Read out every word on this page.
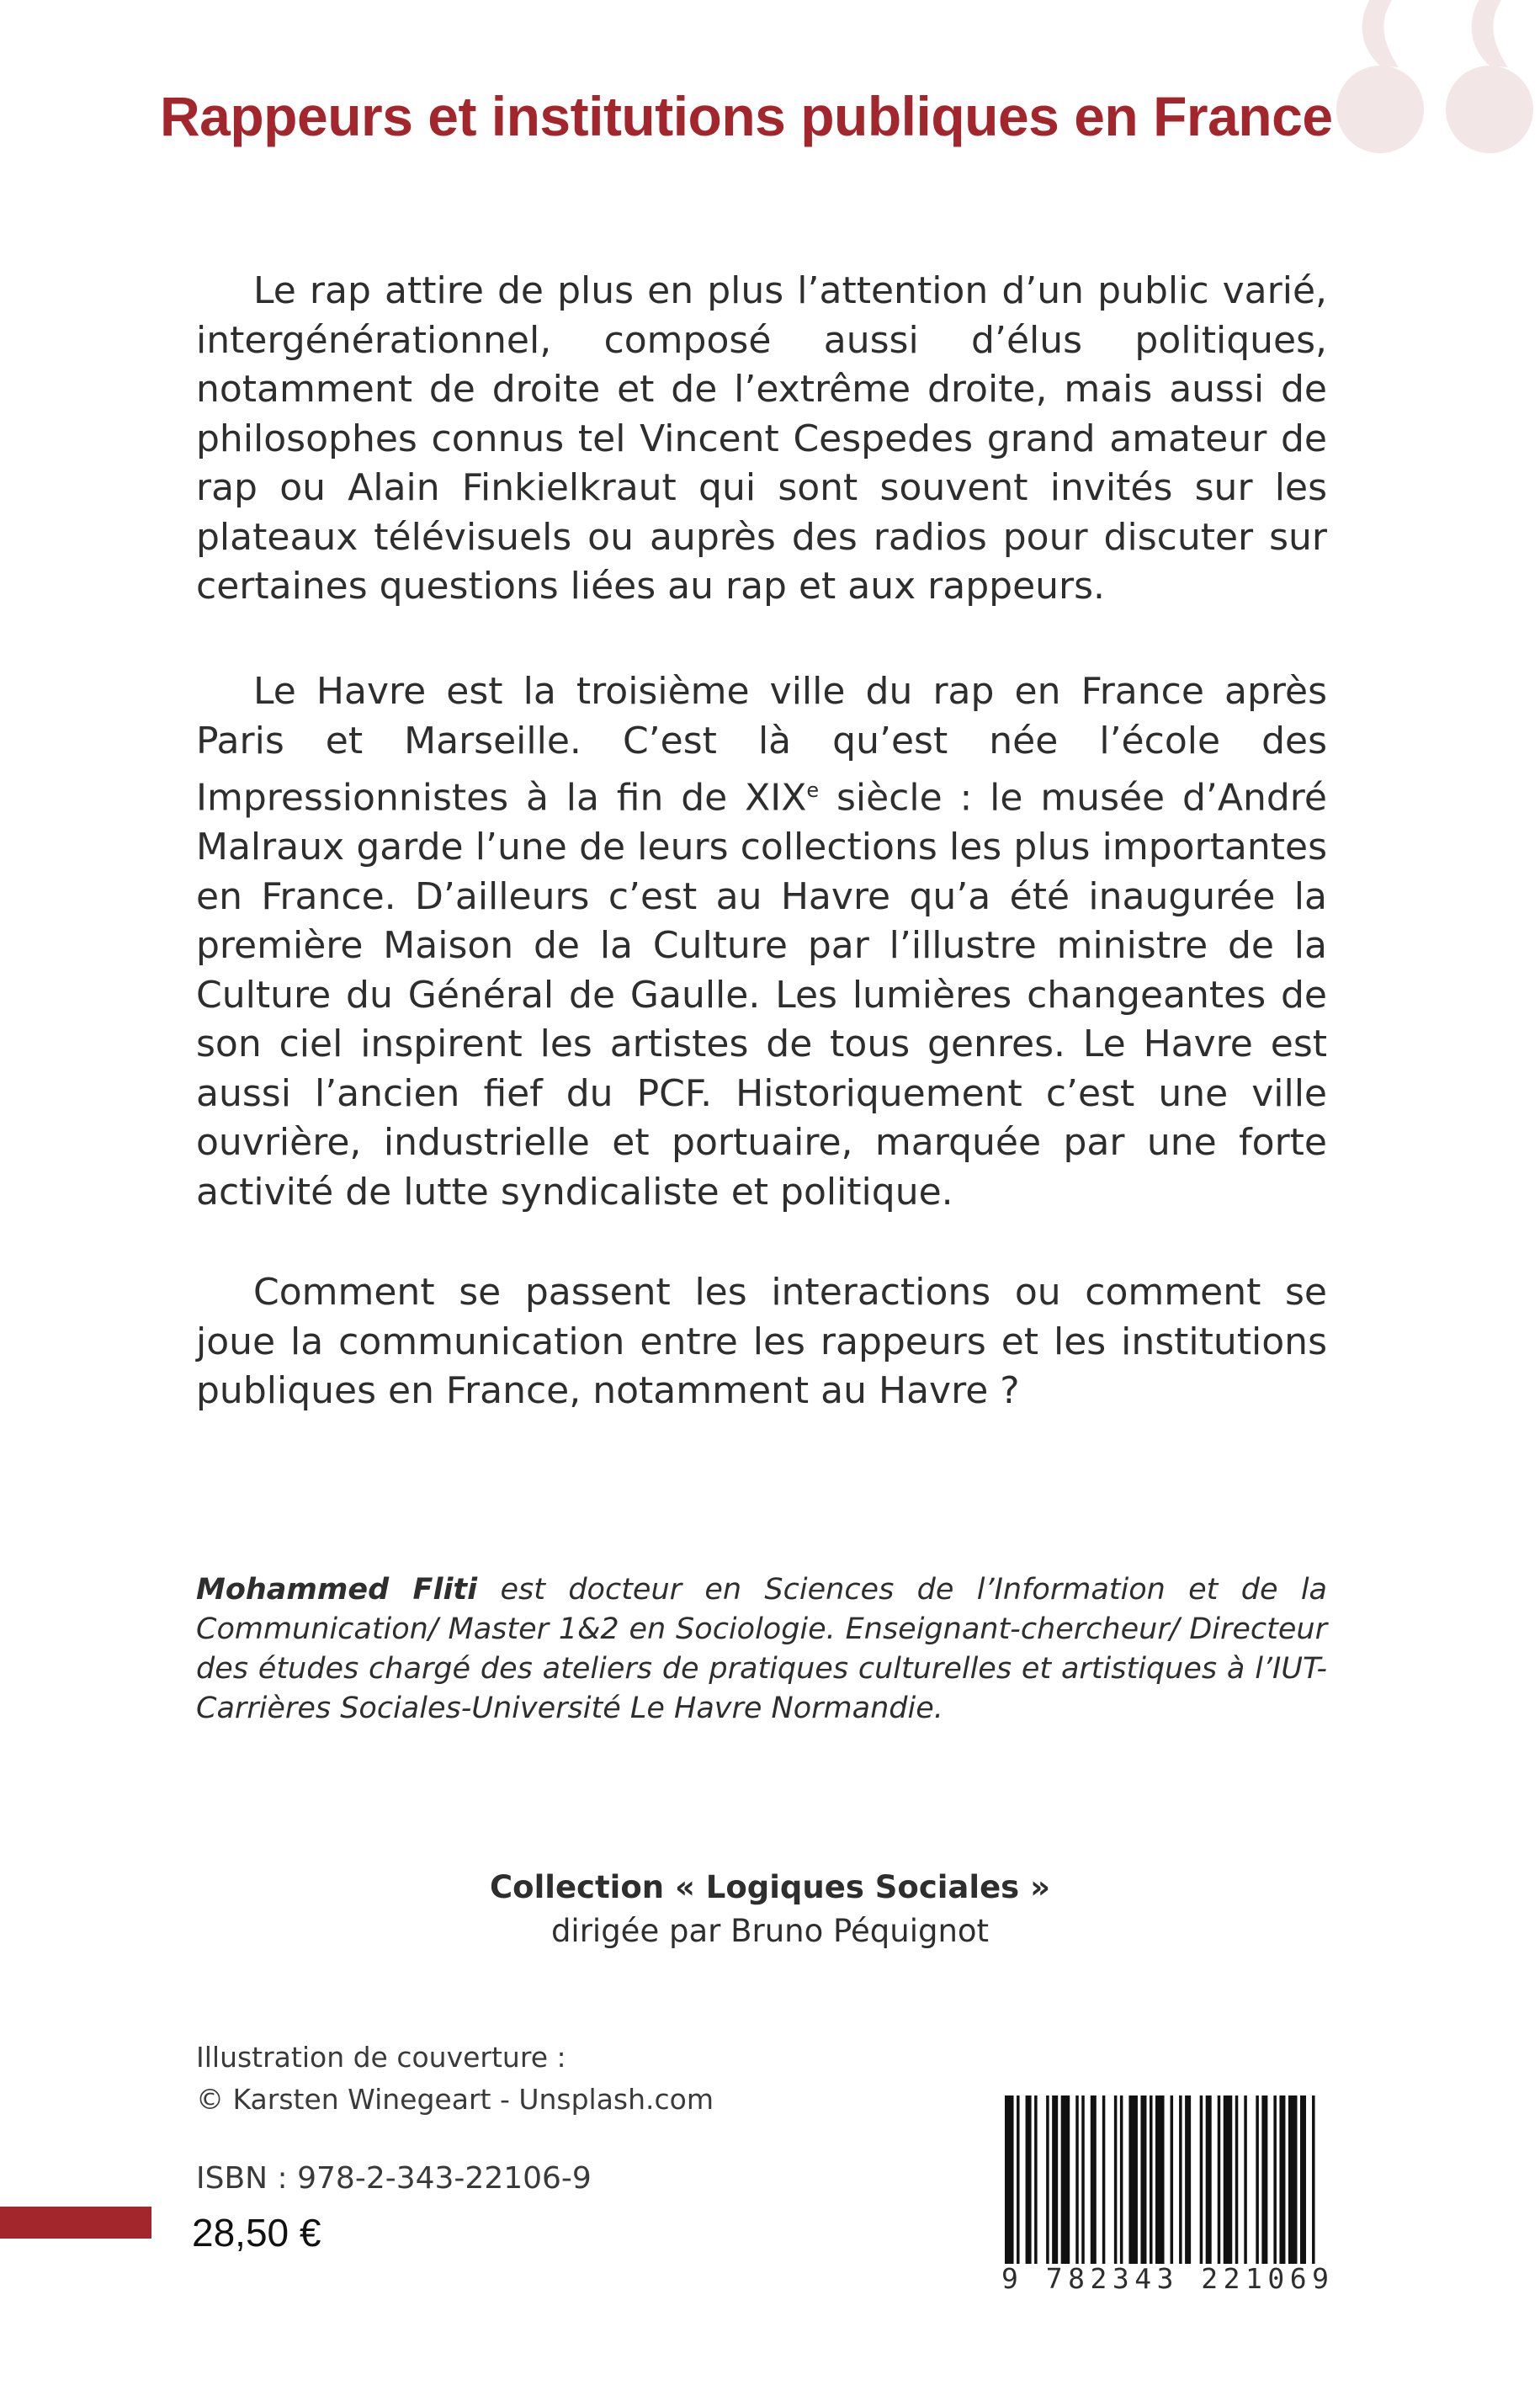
Rappeurs et institutions publiques en France

Le rap attire de plus en plus l’attention d’un public varié, intergénérationnel, composé aussi d’élus politiques, notamment de droite et de l’extrême droite, mais aussi de philosophes connus tel Vincent Cespedes grand amateur de rap ou Alain Finkielkraut qui sont souvent invités sur les plateaux télévisuels ou auprès des radios pour discuter sur certaines questions liées au rap et aux rappeurs.

Le Havre est la troisième ville du rap en France après Paris et Marseille. C’est là qu’est née l’école des Impressionnistes à la fin de XIXe siècle : le musée d’André Malraux garde l’une de leurs collections les plus importantes en France. D’ailleurs c’est au Havre qu’a été inaugurée la première Maison de la Culture par l’illustre ministre de la Culture du Général de Gaulle. Les lumières changeantes de son ciel inspirent les artistes de tous genres. Le Havre est aussi l’ancien fief du PCF. Historiquement c’est une ville ouvrière, industrielle et portuaire, marquée par une forte activité de lutte syndicaliste et politique.

Comment se passent les interactions ou comment se joue la communication entre les rappeurs et les institutions publiques en France, notamment au Havre ?

Mohammed Fliti est docteur en Sciences de l’Information et de la Communication/ Master 1&2 en Sociologie. Enseignant-chercheur/ Directeur des études chargé des ateliers de pratiques culturelles et artistiques à l’IUT-Carrières Sociales-Université Le Havre Normandie.
Collection « Logiques Sociales »
dirigée par Bruno Péquignot
Illustration de couverture :
© Karsten Winegeart - Unsplash.com
ISBN : 978-2-343-22106-9
28,50 €
9 782343 221069
